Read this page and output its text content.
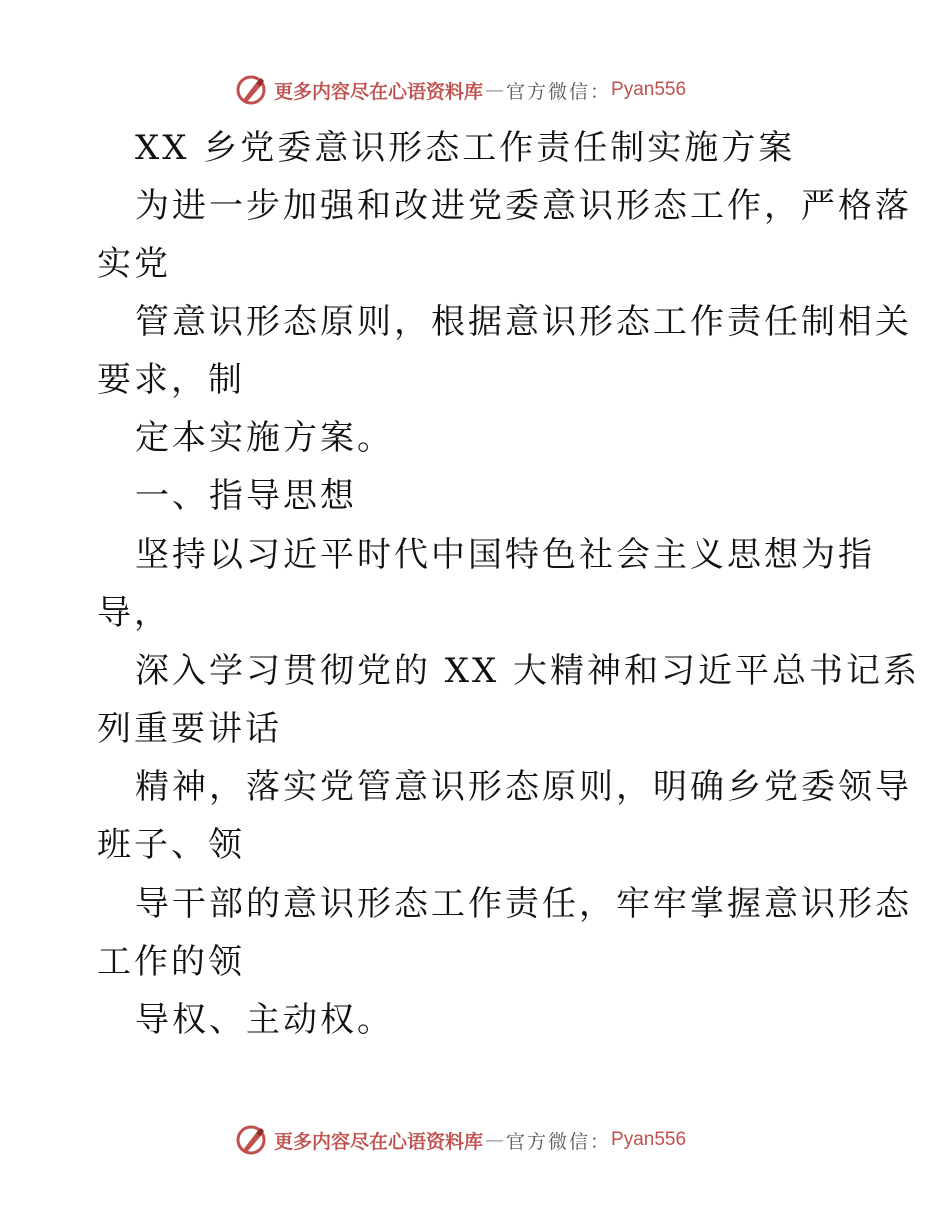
更多内容尽在心语资料库 — 官方微信： Pyan556
XX 乡党委意识形态工作责任制实施方案
为进一步加强和改进党委意识形态工作，严格落
实党
管意识形态原则，根据意识形态工作责任制相关
要求，制
定本实施方案。
一、指导思想
坚持以习近平时代中国特色社会主义思想为指
导，
深入学习贯彻党的 XX 大精神和习近平总书记系
列重要讲话
精神，落实党管意识形态原则，明确乡党委领导
班子、领
导干部的意识形态工作责任，牢牢掌握意识形态
工作的领
导权、主动权。
更多内容尽在心语资料库 — 官方微信： Pyan556
